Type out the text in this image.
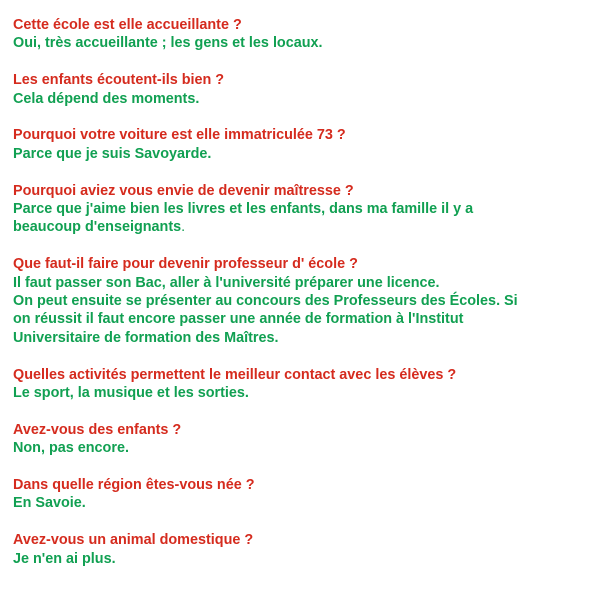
Cette école est elle accueillante ?
Oui, très accueillante ; les gens et les locaux.
Les enfants écoutent-ils bien ?
Cela dépend des moments.
Pourquoi votre voiture est elle immatriculée 73 ?
Parce que je suis Savoyarde.
Pourquoi aviez vous envie de devenir maîtresse ?
Parce que j'aime bien les livres et les enfants, dans ma famille il y a
beaucoup d'enseignants.
Que faut-il faire pour devenir professeur d' école ?
Il faut passer son Bac, aller à l'université préparer une licence.
On peut ensuite se présenter au concours des Professeurs des Écoles. Si
on réussit il faut encore passer une année de formation à l'Institut
Universitaire de formation des Maîtres.
Quelles activités permettent le meilleur contact avec les élèves ?
Le sport, la musique et les sorties.
Avez-vous des enfants ?
Non, pas encore.
Dans quelle région êtes-vous née ?
En Savoie.
Avez-vous un animal domestique ?
Je n'en ai plus.
